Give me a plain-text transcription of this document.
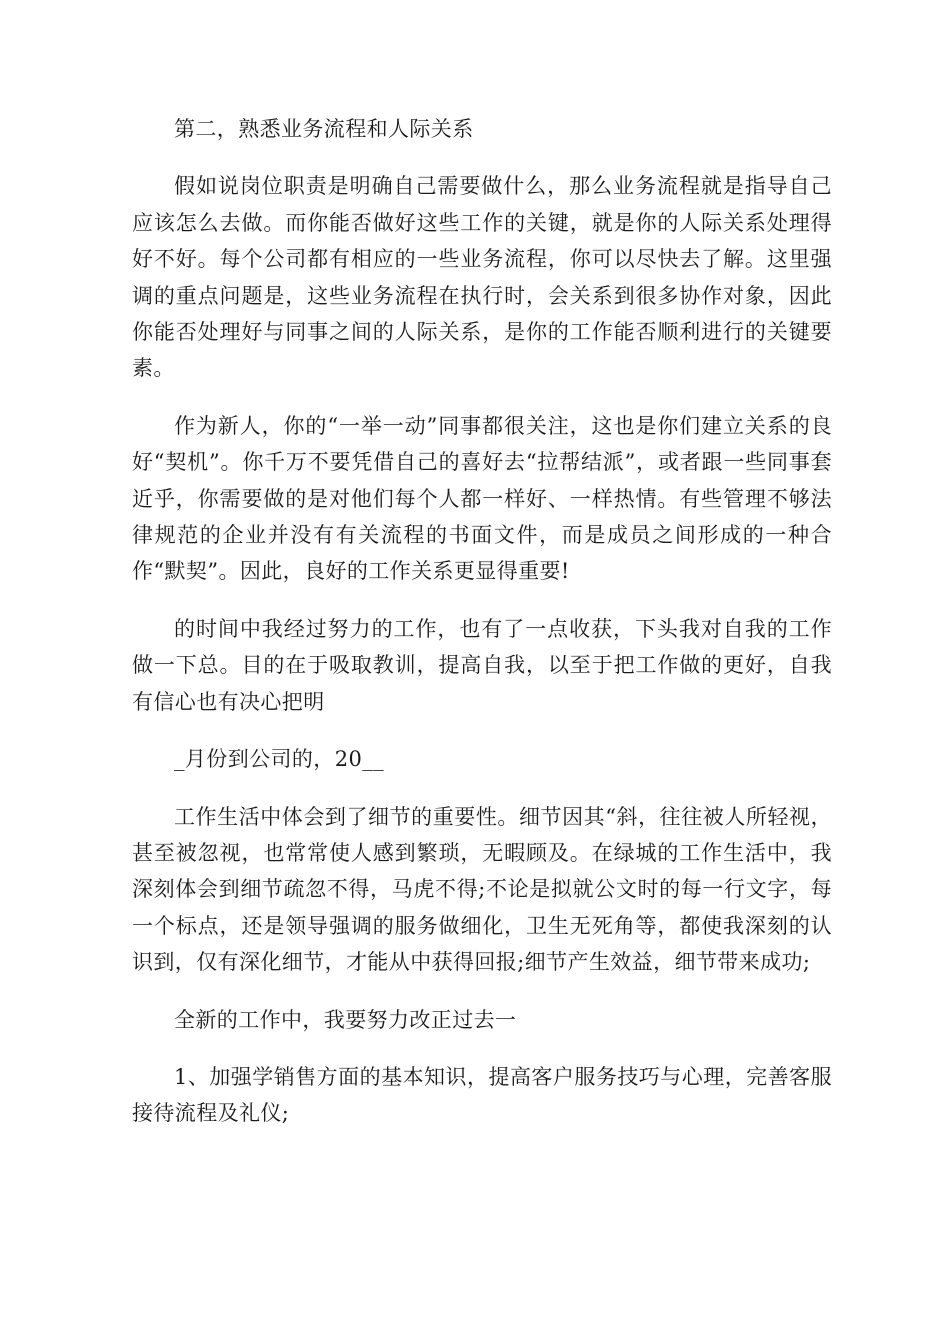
第二，熟悉业务流程和人际关系

假如说岗位职责是明确自己需要做什么，那么业务流程就是指导自己应该怎么去做。而你能否做好这些工作的关键，就是你的人际关系处理得好不好。每个公司都有相应的一些业务流程，你可以尽快去了解。这里强调的重点问题是，这些业务流程在执行时，会关系到很多协作对象，因此你能否处理好与同事之间的人际关系，是你的工作能否顺利进行的关键要素。

作为新人，你的“一举一动”同事都很关注，这也是你们建立关系的良好“契机”。你千万不要凭借自己的喜好去“拉帮结派”，或者跟一些同事套近乎，你需要做的是对他们每个人都一样好、一样热情。有些管理不够法律规范的企业并没有有关流程的书面文件，而是成员之间形成的一种合作“默契”。因此，良好的工作关系更显得重要!

的时间中我经过努力的工作，也有了一点收获，下头我对自我的工作做一下总。目的在于吸取教训，提高自我，以至于把工作做的更好，自我有信心也有决心把明

_月份到公司的，20__

工作生活中体会到了细节的重要性。细节因其“斜，往往被人所轻视，甚至被忽视，也常常使人感到繁琐，无暇顾及。在绿城的工作生活中，我深刻体会到细节疏忽不得，马虎不得;不论是拟就公文时的每一行文字，每一个标点，还是领导强调的服务做细化，卫生无死角等，都使我深刻的认识到，仅有深化细节，才能从中获得回报;细节产生效益，细节带来成功;

全新的工作中，我要努力改正过去一

1、加强学销售方面的基本知识，提高客户服务技巧与心理，完善客服接待流程及礼仪;
